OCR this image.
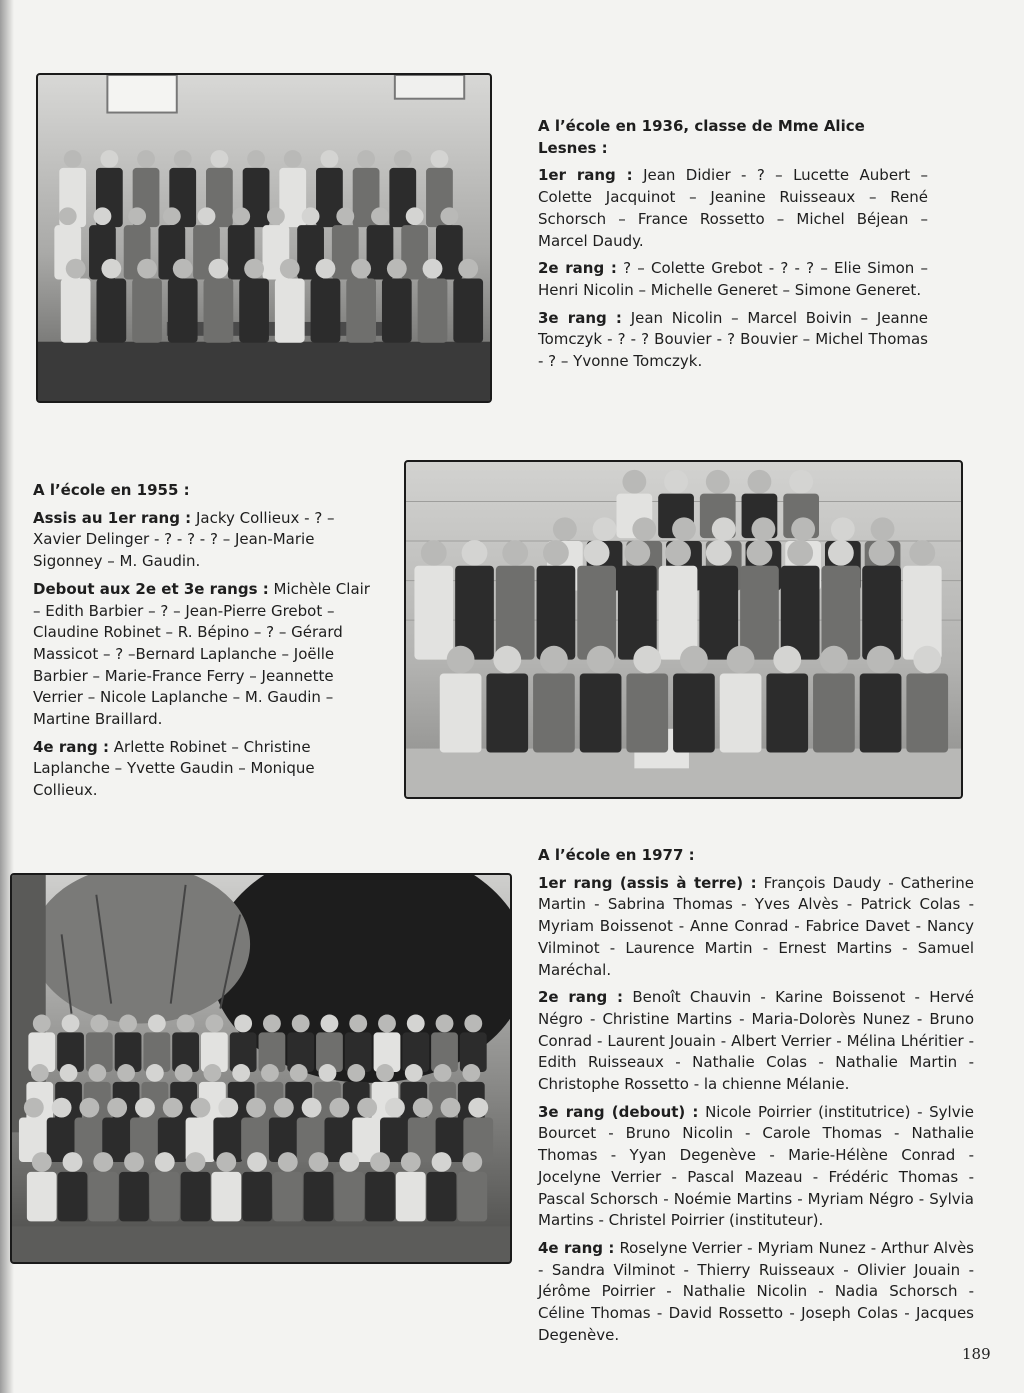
A l’école en 1936, classe de Mme Alice Lesnes :

1er rang : Jean Didier - ? – Lucette Aubert – Colette Jacquinot – Jeanine Ruisseaux – René Schorsch – France Rossetto – Michel Béjean – Marcel Daudy.

2e rang : ? – Colette Grebot - ? - ? – Elie Simon – Henri Nicolin – Michelle Generet – Simone Generet.

3e rang : Jean Nicolin – Marcel Boivin – Jeanne Tomczyk - ? - ? Bouvier - ? Bouvier – Michel Thomas - ? – Yvonne Tomczyk.

A l’école en 1955 :

Assis au 1er rang : Jacky Collieux - ? – Xavier Delinger - ? - ? - ? – Jean-Marie Sigonney – M. Gaudin.

Debout aux 2e et 3e rangs : Michèle Clair – Edith Barbier – ? – Jean-Pierre Grebot – Claudine Robinet – R. Bépino – ? – Gérard Massicot – ? –Bernard Laplanche – Joëlle Barbier – Marie-France Ferry – Jeannette Verrier – Nicole Laplanche – M. Gaudin – Martine Braillard.

4e rang : Arlette Robinet – Christine Laplanche – Yvette Gaudin – Monique Collieux.

A l’école en 1977 :

1er rang (assis à terre) : François Daudy - Catherine Martin - Sabrina Thomas - Yves Alvès - Patrick Colas - Myriam Boissenot - Anne Conrad - Fabrice Davet - Nancy Vilminot - Laurence Martin - Ernest Martins - Samuel Maréchal.

2e rang : Benoît Chauvin - Karine Boissenot - Hervé Négro - Christine Martins - Maria-Dolorès Nunez - Bruno Conrad - Laurent Jouain - Albert Verrier - Mélina Lhéritier - Edith Ruisseaux - Nathalie Colas - Nathalie Martin - Christophe Rossetto - la chienne Mélanie.

3e rang (debout) : Nicole Poirrier (institutrice) - Sylvie Bourcet - Bruno Nicolin - Carole Thomas - Nathalie Thomas - Yyan Degenève - Marie-Hélène Conrad - Jocelyne Verrier - Pascal Mazeau - Frédéric Thomas - Pascal Schorsch - Noémie Martins - Myriam Négro - Sylvia Martins - Christel Poirrier (instituteur).

4e rang : Roselyne Verrier - Myriam Nunez - Arthur Alvès - Sandra Vilminot - Thierry Ruisseaux - Olivier Jouain - Jérôme Poirrier - Nathalie Nicolin - Nadia Schorsch - Céline Thomas - David Rossetto - Joseph Colas - Jacques Degenève.

189
